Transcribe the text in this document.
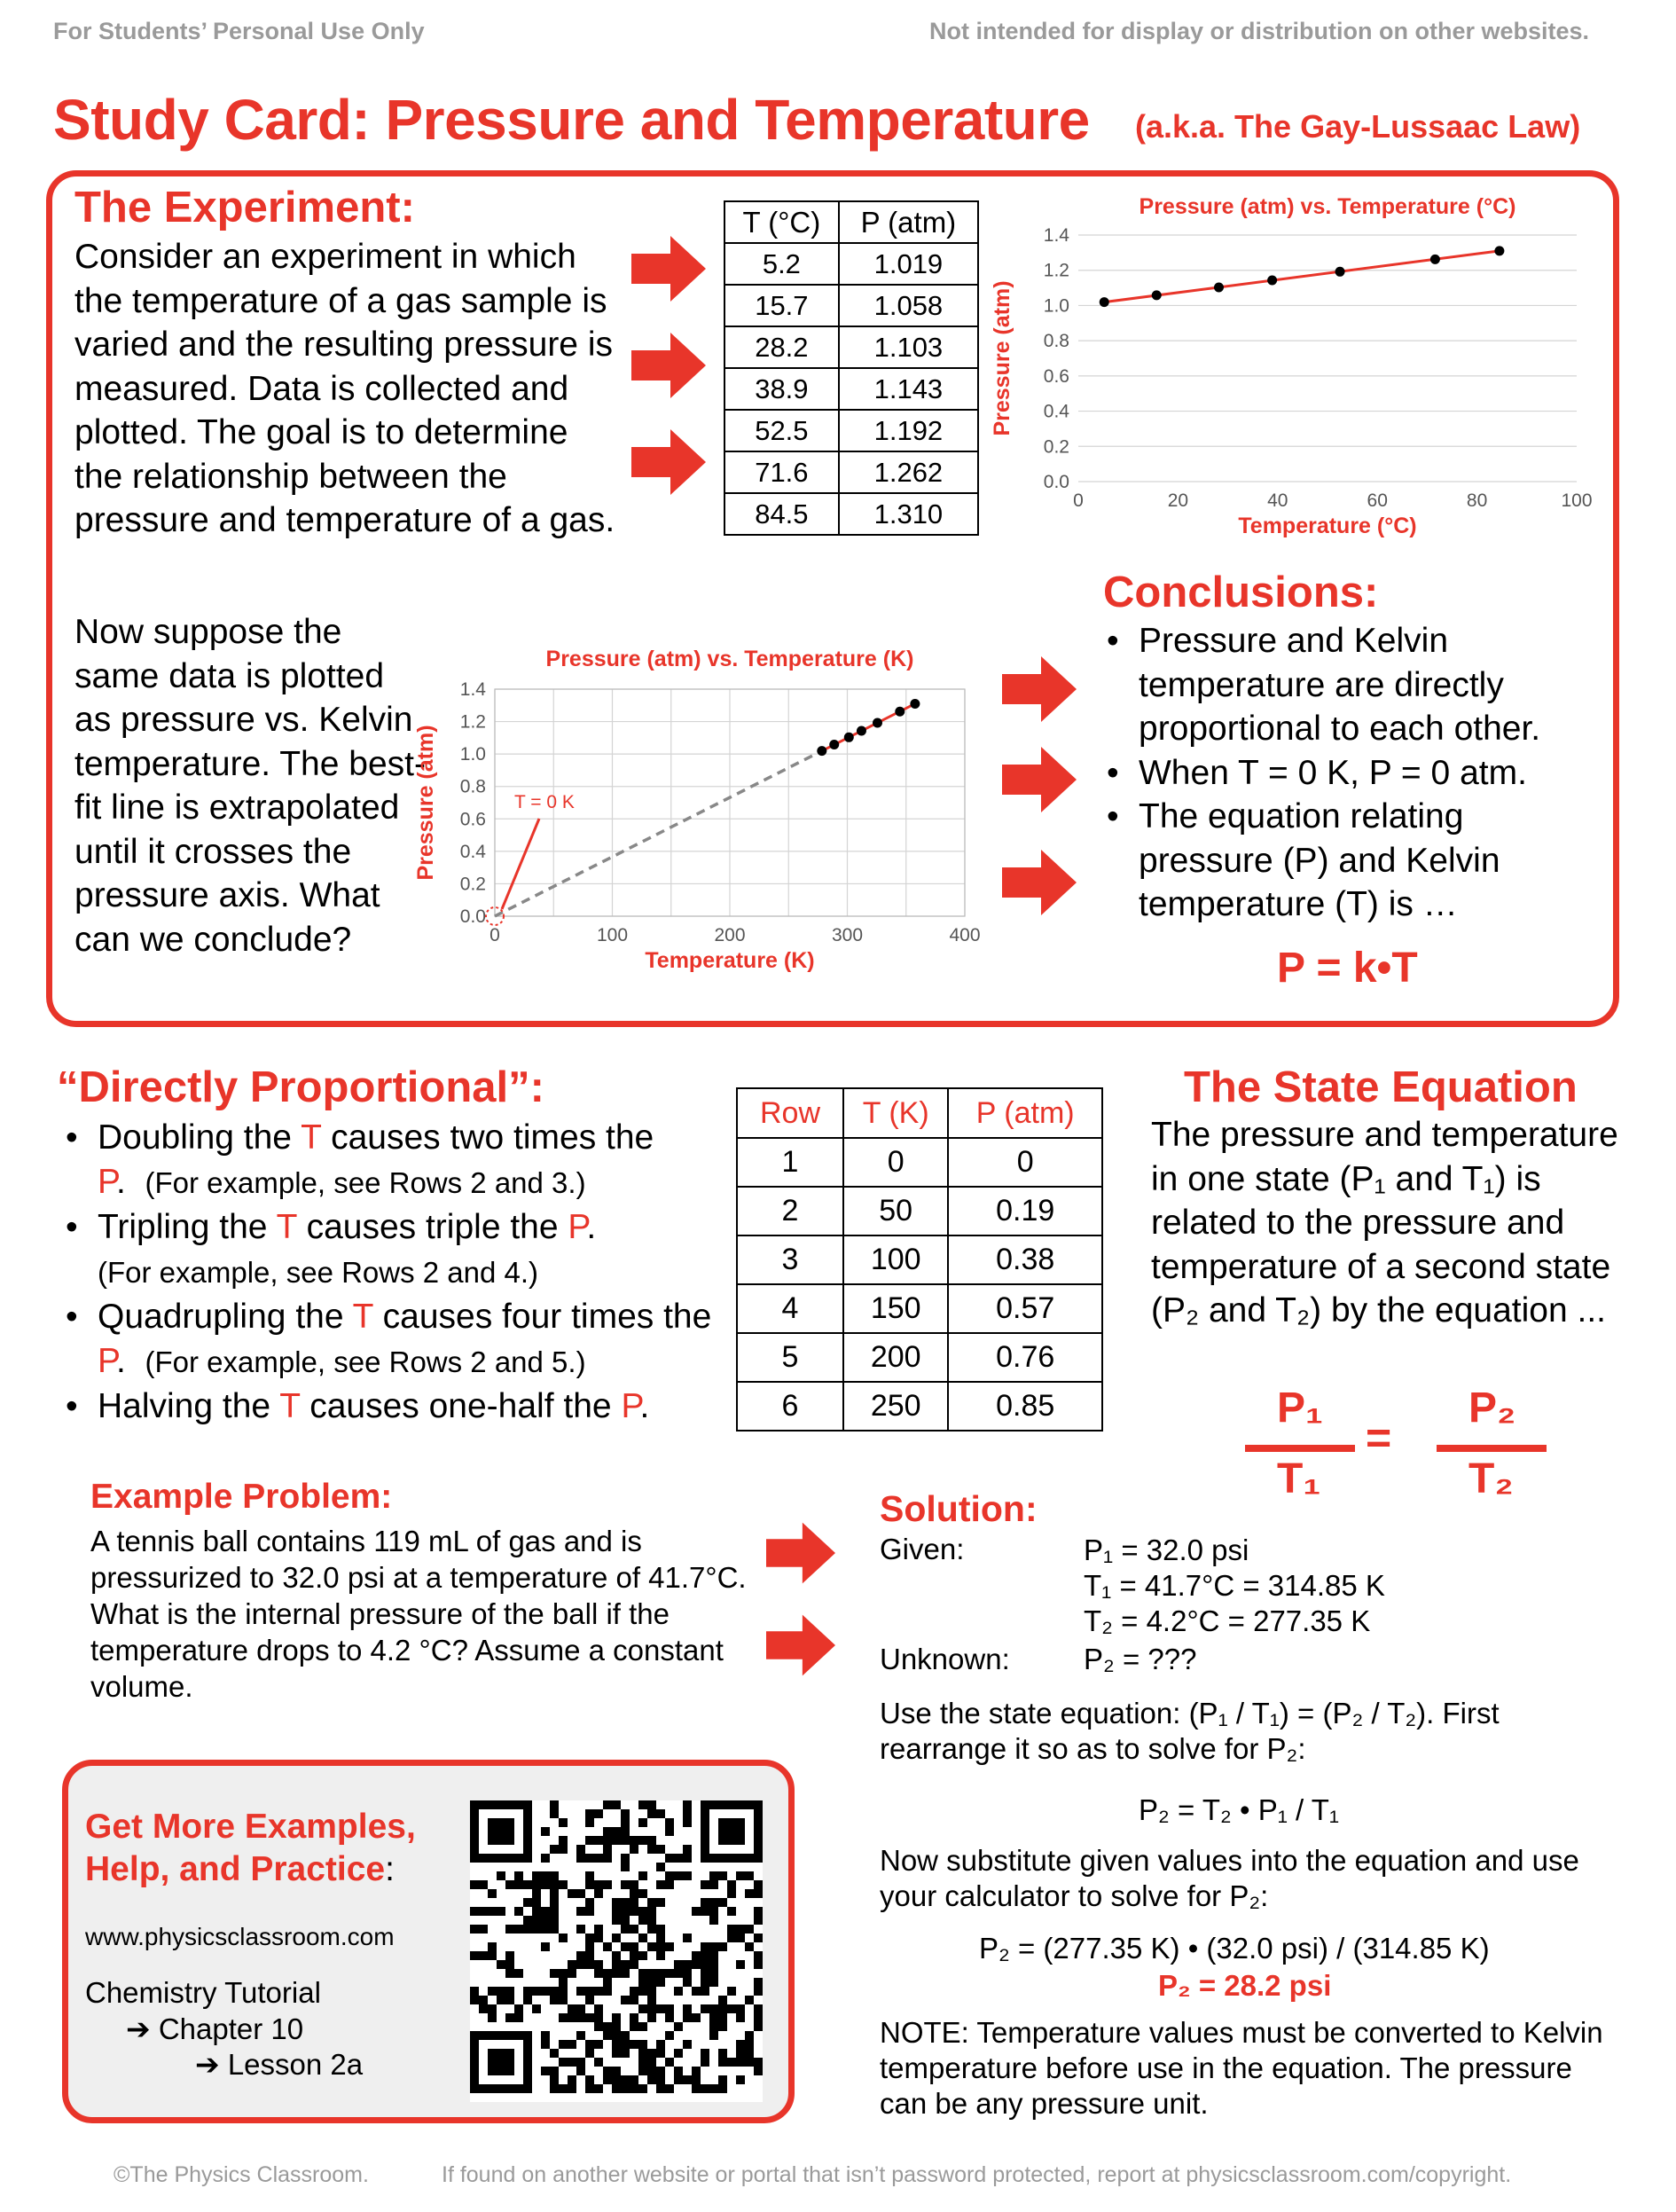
For Students’ Personal Use Only	Not intended for display or distribution on other websites.
Study Card: Pressure and Temperature (a.k.a. The Gay-Lussaac Law)
The Experiment:
Consider an experiment in which the temperature of a gas sample is varied and the resulting pressure is measured. Data is collected and plotted. The goal is to determine the relationship between the pressure and temperature of a gas.
T (°C)	P (atm)
5.2	1.019
15.7	1.058
28.2	1.103
38.9	1.143
52.5	1.192
71.6	1.262
84.5	1.310
0.0
0.2
0.4
0.6
0.8
1.0
1.2
1.4
0	20	40	60	80	100
Pressure (atm) vs. Temperature (°C)
Temperature (°C)
Pressure (atm)
Now suppose the same data is plotted as pressure vs. Kelvin temperature. The best-fit line is extrapolated until it crosses the pressure axis. What can we conclude?
0.0
0.2
0.4
0.6
0.8
1.0
1.2
1.4
0	100	200	300	400
Pressure (atm) vs. Temperature (K)
Temperature (K)
Pressure (atm)	T = 0 K
Conclusions:
• Pressure and Kelvin temperature are directly proportional to each other.
• When T = 0 K, P = 0 atm.
• The equation relating pressure (P) and Kelvin temperature (T) is …
P = k•T
“Directly Proportional”:
• Doubling the T causes two times the P. (For example, see Rows 2 and 3.)
• Tripling the T causes triple the P.
(For example, see Rows 2 and 4.)
• Quadrupling the T causes four times the P. (For example, see Rows 2 and 5.)
• Halving the T causes one-half the P.
Row	T (K)	P (atm)
1	0	0
2	50	0.19
3	100	0.38
4	150	0.57
5	200	0.76
6	250	0.85
The State Equation
The pressure and temperature in one state (P₁ and T₁) is related to the pressure and temperature of a second state (P₂ and T₂) by the equation ...
P₁
T₁
=
P₂
T₂
Example Problem:
A tennis ball contains 119 mL of gas and is pressurized to 32.0 psi at a temperature of 41.7°C. What is the internal pressure of the ball if the temperature drops to 4.2 °C? Assume a constant volume.
Solution:
Given:	P₁ = 32.0 psi
T₁ = 41.7°C = 314.85 K
T₂ = 4.2°C = 277.35 K
Unknown:	P₂ = ???
Use the state equation: (P₁ / T₁) = (P₂ / T₂). First rearrange it so as to solve for P₂:
P₂ = T₂ • P₁ / T₁
Now substitute given values into the equation and use your calculator to solve for P₂:
P₂ = (277.35 K) • (32.0 psi) / (314.85 K)
P₂ = 28.2 psi
NOTE: Temperature values must be converted to Kelvin temperature before use in the equation. The pressure can be any pressure unit.
Get More Examples,
Help, and Practice:
www.physicsclassroom.com
Chemistry Tutorial
➔ Chapter 10
➔ Lesson 2a
©The Physics Classroom.	If found on another website or portal that isn’t password protected, report at physicsclassroom.com/copyright.
